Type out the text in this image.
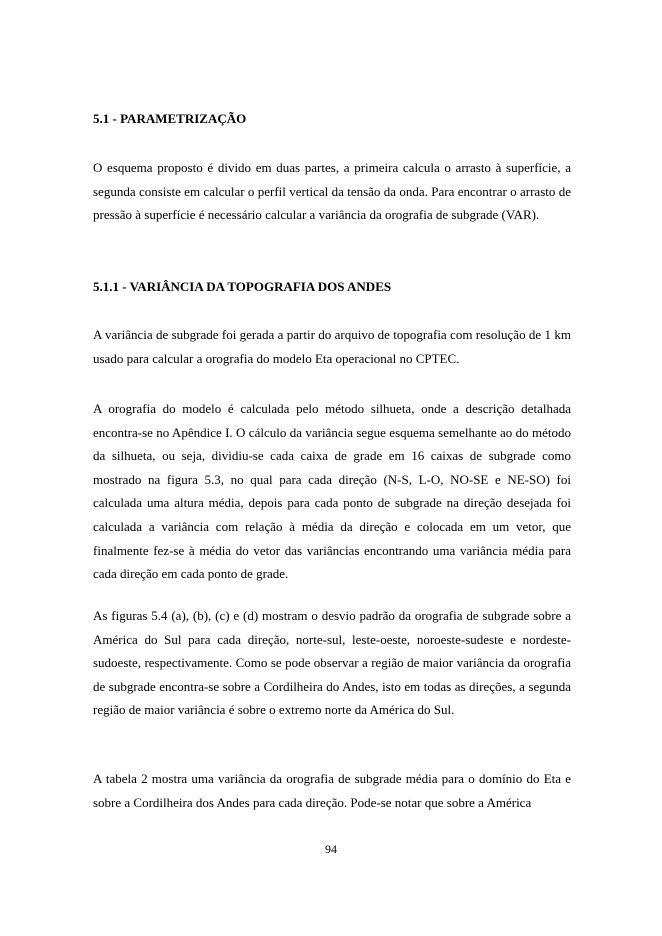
5.1 - PARAMETRIZAÇÃO

O esquema proposto é divido em duas partes, a primeira calcula o arrasto à superfície, a segunda consiste em calcular o perfil vertical da tensão da onda. Para encontrar o arrasto de pressão à superfície é necessário calcular a variância da orografia de subgrade (VAR).

5.1.1 - VARIÂNCIA DA TOPOGRAFIA DOS ANDES

A variância de subgrade foi gerada a partir do arquivo de topografia com resolução de 1 km usado para calcular a orografia do modelo Eta operacional no CPTEC.

A orografia do modelo é calculada pelo método silhueta, onde a descrição detalhada encontra-se no Apêndice I. O cálculo da variância segue esquema semelhante ao do método da silhueta, ou seja, dividiu-se cada caixa de grade em 16 caixas de subgrade como mostrado na figura 5.3, no qual para cada direção (N-S, L-O, NO-SE e NE-SO) foi calculada uma altura média, depois para cada ponto de subgrade na direção desejada foi calculada a variância com relação à média da direção e colocada em um vetor, que finalmente fez-se à média do vetor das variâncias encontrando uma variância média para cada direção em cada ponto de grade.

As figuras 5.4 (a), (b), (c) e (d) mostram o desvio padrão da orografia de subgrade sobre a América do Sul para cada direção, norte-sul, leste-oeste, noroeste-sudeste e nordeste-sudoeste, respectivamente. Como se pode observar a região de maior variância da orografia de subgrade encontra-se sobre a Cordilheira do Andes, isto em todas as direções, a segunda região de maior variância é sobre o extremo norte da América do Sul.

A tabela 2 mostra uma variância da orografia de subgrade média para o domínio do Eta e sobre a Cordilheira dos Andes para cada direção. Pode-se notar que sobre a América

94
